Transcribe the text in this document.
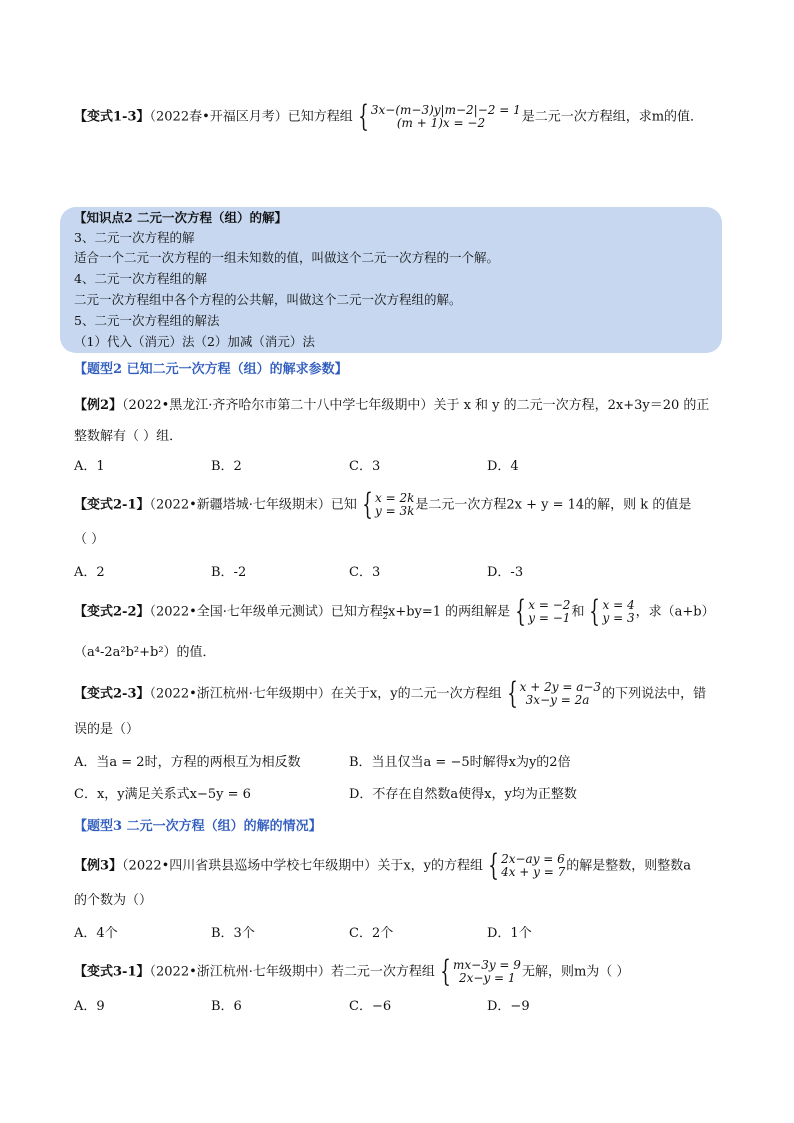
【变式1-3】（2022春•开福区月考）已知方程组 { 3x−(m−3)y|m−2|−2 = 1
(m + 1)x = −2	是二元一次方程组，求m的值．
【知识点2 二元一次方程（组）的解】
3、二元一次方程的解
适合一个二元一次方程的一组未知数的值，叫做这个二元一次方程的一个解。
4、二元一次方程组的解
二元一次方程组中各个方程的公共解，叫做这个二元一次方程组的解。
5、二元一次方程组的解法
（1）代入（消元）法（2）加减（消元）法
【题型2 已知二元一次方程（组）的解求参数】
【例2】（2022•黑龙江·齐齐哈尔市第二十八中学七年级期中）关于 x 和 y 的二元一次方程，2x+3y＝20 的正
整数解有（ ）组．
A．1	B．2	C．3	D．4
【变式2-1】（2022•新疆塔城·七年级期末）已知 { x = 2k
y = 3k 是二元一次方程2x + y = 14的解，则 k 的值是
（ ）
A．2	B．-2	C．3	D．-3
【变式2-2】（2022•全国·七年级单元测试）已知方程 $\frac{a}{2} x+by=1$ 的两组解是 { x = −2
y = −1 和 { x = 4
y = 3 ，求（a+b）
（a⁴-2a²b²+b²）的值．
【变式2-3】（2022•浙江杭州·七年级期中）在关于x，y的二元一次方程组 { x + 2y = a−3
3x−y = 2a 的下列说法中，错
误的是（）
A．当a = 2时，方程的两根互为相反数	B．当且仅当a = −5时解得x为y的2倍
C．x，y满足关系式x−5y = 6	D．不存在自然数a使得x，y均为正整数
【题型3 二元一次方程（组）的解的情况】
【例3】（2022•四川省珙县巡场中学校七年级期中）关于x，y的方程组 { 2x−ay = 6
4x + y = 7 的解是整数，则整数a
的个数为（）
A．4个	B．3个	C．2个	D．1个
【变式3-1】（2022•浙江杭州·七年级期中）若二元一次方程组 { mx−3y = 9
2x−y = 1 无解，则m为（ ）
A．9	B．6	C．−6	D．−9
